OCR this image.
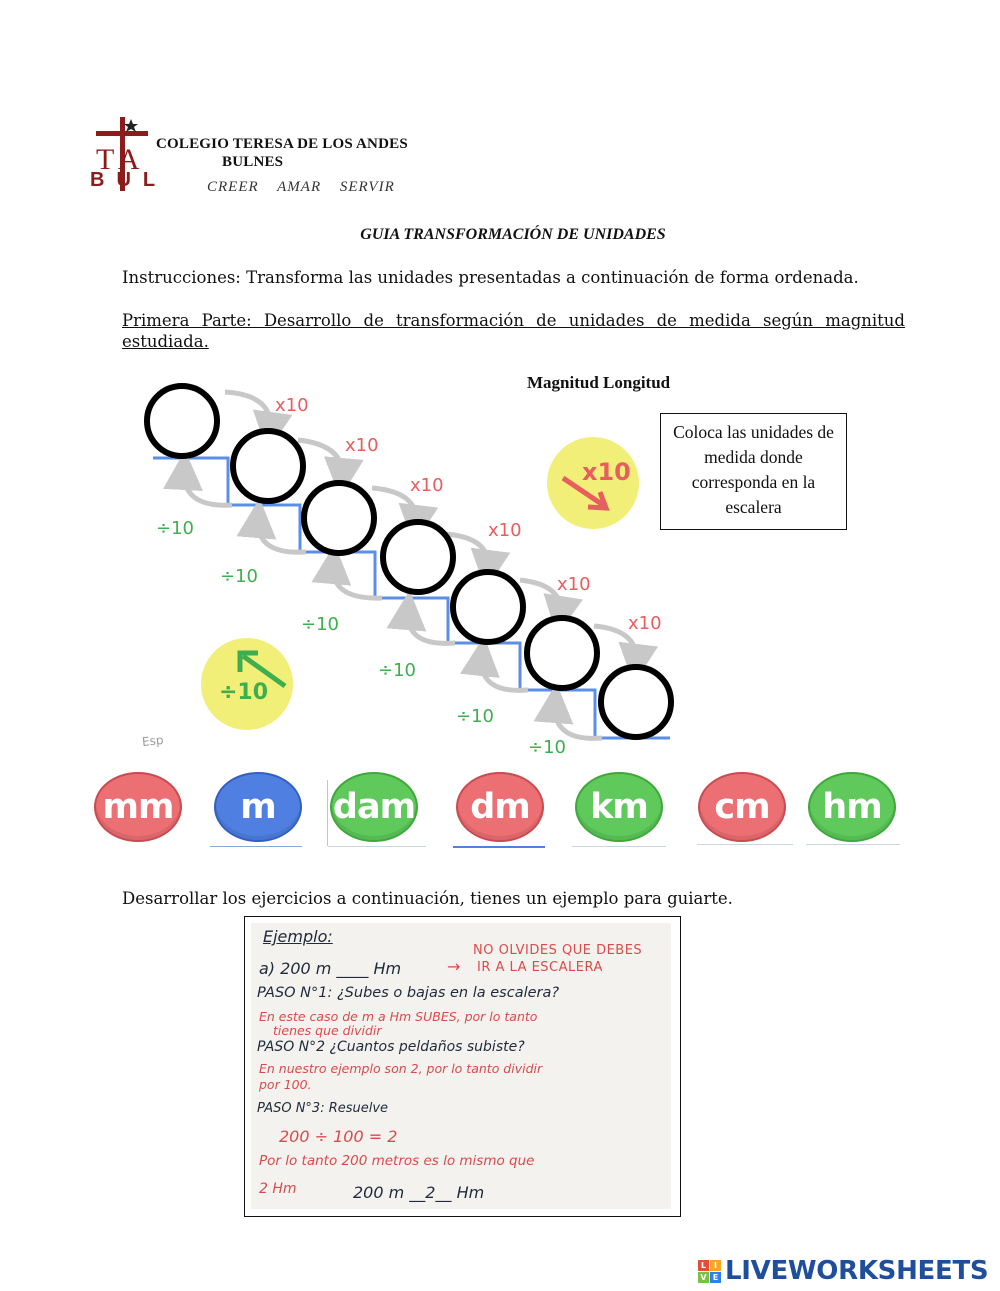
TA
BUL
COLEGIO TERESA DE LOS ANDES
BULNES
CREER AMAR SERVIR
GUIA TRANSFORMACIÓN DE UNIDADES
Instrucciones: Transforma las unidades presentadas a continuación de forma ordenada.
Primera Parte: Desarrollo de transformación de unidades de medida según magnitud estudiada.
Magnitud Longitud
Coloca las unidades de medida donde corresponda en la escalera
x10
x10
x10
x10
x10
x10
÷10
÷10
÷10
÷10
÷10
÷10
x10
÷10
Esp
mm	m	dam	dm	km	cm	hm
Desarrollar los ejercicios a continuación, tienes un ejemplo para guiarte.
Ejemplo:
a) 200 m ____ Hm	→
NO OLVIDES QUE DEBES
IR A LA ESCALERA
PASO N°1: ¿Subes o bajas en la escalera?
En este caso de m a Hm SUBES, por lo tanto
tienes que dividir
PASO N°2 ¿Cuantos peldaños subiste?
En nuestro ejemplo son 2, por lo tanto dividir
por 100.
PASO N°3: Resuelve
200 ÷ 100 = 2
Por lo tanto 200 metros es lo mismo que
2 Hm	200 m __2__ Hm
L I
V E LIVEWORKSHEETS
